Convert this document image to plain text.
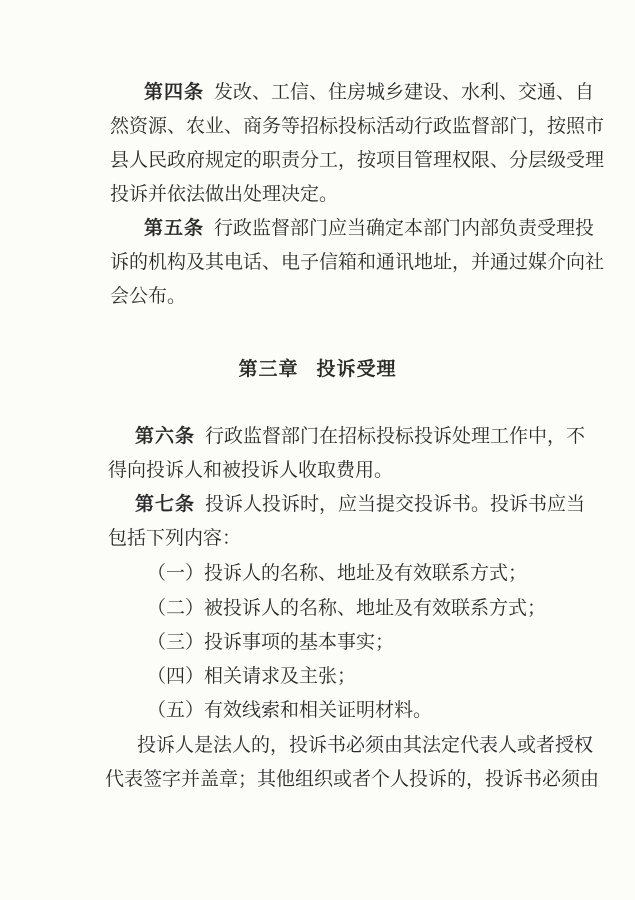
第四条 发改、工信、住房城乡建设、水利、交通、自
然资源、农业、商务等招标投标活动行政监督部门，按照市
县人民政府规定的职责分工，按项目管理权限、分层级受理
投诉并依法做出处理决定。
第五条 行政监督部门应当确定本部门内部负责受理投
诉的机构及其电话、电子信箱和通讯地址，并通过媒介向社
会公布。
第三章 投诉受理
第六条 行政监督部门在招标投标投诉处理工作中，不
得向投诉人和被投诉人收取费用。
第七条 投诉人投诉时，应当提交投诉书。投诉书应当
包括下列内容：
（一）投诉人的名称、地址及有效联系方式；
（二）被投诉人的名称、地址及有效联系方式；
（三）投诉事项的基本事实；
（四）相关请求及主张；
（五）有效线索和相关证明材料。
投诉人是法人的，投诉书必须由其法定代表人或者授权
代表签字并盖章；其他组织或者个人投诉的，投诉书必须由
